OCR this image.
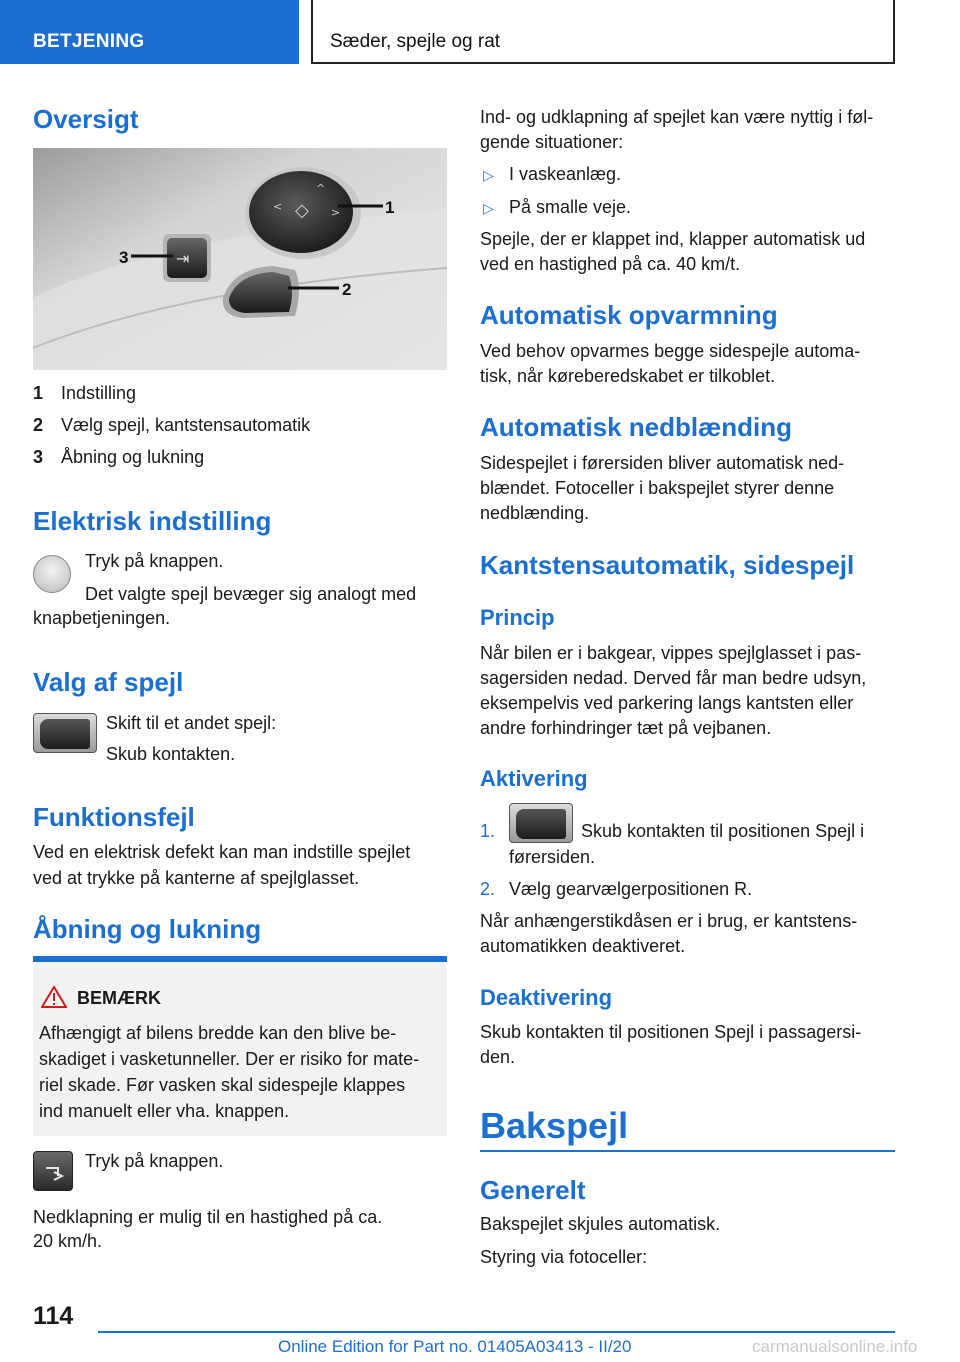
BETJENING	Sæder, spejle og rat
Oversigt
◇
^
>
<
⇥
1
2
3
1 Indstilling
2 Vælg spejl, kantstensautomatik
3 Åbning og lukning
Elektrisk indstilling
Tryk på knappen.
Det valgte spejl bevæger sig analogt med
knapbetjeningen.
Valg af spejl
Skift til et andet spejl:
Skub kontakten.
Funktionsfejl
Ved en elektrisk defekt kan man indstille spejlet
ved at trykke på kanterne af spejlglasset.
Åbning og lukning
BEMÆRK
Afhængigt af bilens bredde kan den blive be-
skadiget i vasketunneller. Der er risiko for mate-
riel skade. Før vasken skal sidespejle klappes
ind manuelt eller vha. knappen.
Tryk på knappen.
Nedklapning er mulig til en hastighed på ca.
20 km/h.
Ind- og udklapning af spejlet kan være nyttig i føl-
gende situationer:
▷ I vaskeanlæg.
▷ På smalle veje.
Spejle, der er klappet ind, klapper automatisk ud
ved en hastighed på ca. 40 km/t.
Automatisk opvarmning
Ved behov opvarmes begge sidespejle automa-
tisk, når køreberedskabet er tilkoblet.
Automatisk nedblænding
Sidespejlet i førersiden bliver automatisk ned-
blændet. Fotoceller i bakspejlet styrer denne
nedblænding.
Kantstensautomatik, sidespejl
Princip
Når bilen er i bakgear, vippes spejlglasset i pas-
sagersiden nedad. Derved får man bedre udsyn,
eksempelvis ved parkering langs kantsten eller
andre forhindringer tæt på vejbanen.
Aktivering
1.	Skub kontakten til positionen Spejl i
førersiden.
2. Vælg gearvælgerpositionen R.
Når anhængerstikdåsen er i brug, er kantstens-
automatikken deaktiveret.
Deaktivering
Skub kontakten til positionen Spejl i passagersi-
den.
Bakspejl
Generelt
Bakspejlet skjules automatisk.
Styring via fotoceller:
114
Online Edition for Part no. 01405A03413 - II/20	carmanualsonline.info
